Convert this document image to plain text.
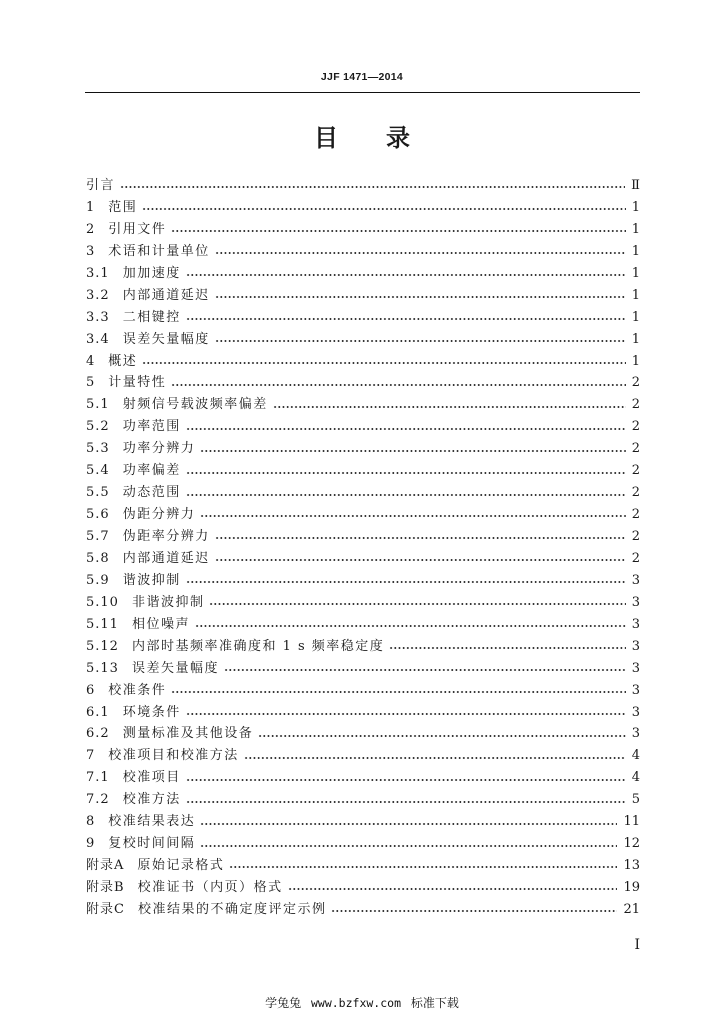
JJF 1471—2014
目　　录
引言	Ⅱ
1 范围	1
2 引用文件	1
3 术语和计量单位	1
3.1 加加速度	1
3.2 内部通道延迟	1
3.3 二相键控	1
3.4 误差矢量幅度	1
4 概述	1
5 计量特性	2
5.1 射频信号载波频率偏差	2
5.2 功率范围	2
5.3 功率分辨力	2
5.4 功率偏差	2
5.5 动态范围	2
5.6 伪距分辨力	2
5.7 伪距率分辨力	2
5.8 内部通道延迟	2
5.9 谐波抑制	3
5.10 非谐波抑制	3
5.11 相位噪声	3
5.12 内部时基频率准确度和 1 s 频率稳定度	3
5.13 误差矢量幅度	3
6 校准条件	3
6.1 环境条件	3
6.2 测量标准及其他设备	3
7 校准项目和校准方法	4
7.1 校准项目	4
7.2 校准方法	5
8 校准结果表达	11
9 复校时间间隔	12
附录A 原始记录格式	13
附录B 校准证书（内页）格式	19
附录C 校准结果的不确定度评定示例	21
I
学兔兔 www.bzfxw.com 标准下载
